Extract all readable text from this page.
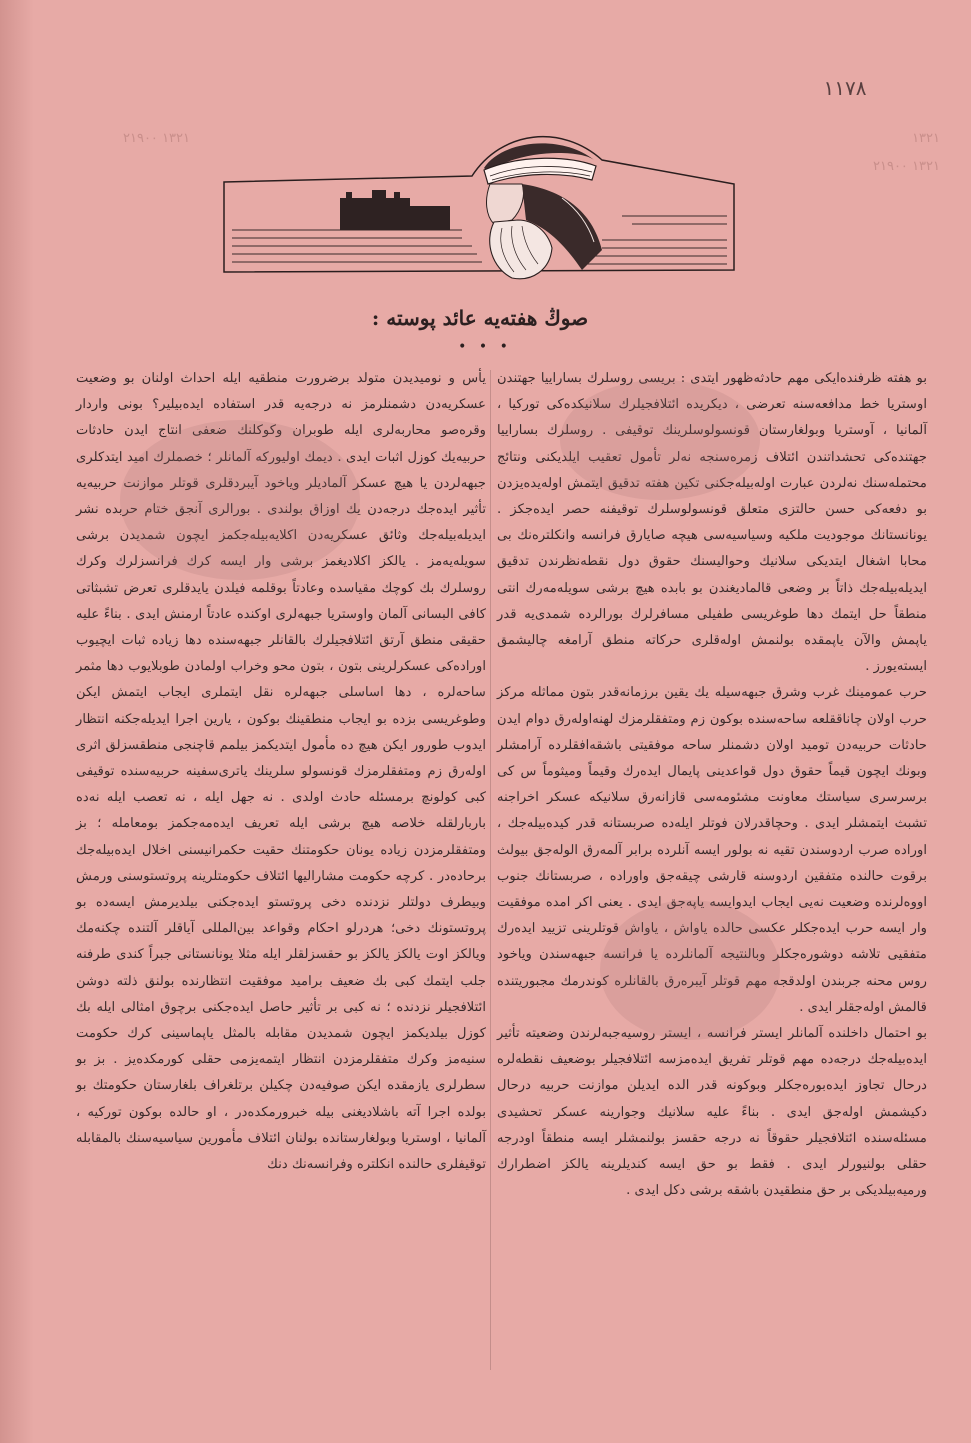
١١٧٨
١٣٢١ ٢١٩٠٠	١٣٢١
١٣٢١ ٢١٩٠٠
صوڭ هفته‌یه عائد پوسته :
• • •

بو هفته ظرفنده‌ایکی مهم حادثه‌ظهور ایتدی : بریسی روسلرك بساراییا جهتندن اوستریا خط مدافعه‌سنه تعرضی ، دیکریده ائتلافجیلرك سلانیکده‌کی تورکیا ، آلمانیا ، آوستریا وبولغارستان قونسولوسلرینك توقیفی . روسلرك بساراییا جهتنده‌كی تحشداتندن ائتلاف زمره‌سنجه نه‌لر تأمول تعقیب ایلدیکنی ونتائج محتمله‌سنك نه‌لردن عبارت اوله‌بیله‌جکنی تکین هفته تدقیق ایتمش اوله‌یده‌یزدن بو دفعه‌کی حسن حالتزی متعلق قونسولوسلرك توقیفنه حصر ایده‌جکز . یونانستانك موجودیت ملکیه وسیاسیه‌سی هیچه صایارق فرانسه وانکلتره‌نك بی محابا اشغال ایتدیکی سلانیك وحوالیسنك حقوق دول نقطه‌نظرندن تدقیق ایدیله‌بیله‌جك ذاتاً بر وضعی قالمادیغندن بو بابده هیچ برشی سویله‌مه‌رك انتی منطقاً حل ایتمك دها طوغریسی طفیلی مسافرلرك بورالرده شمدی‌یه قدر یاپمش والآن یاپمقده بولنمش اوله‌قلری حرکاته منطق آرامغه چالیشمق ایسته‌یورز .

حرب عمومینك غرب وشرق جبهه‌سیله یك یقین برزمانه‌قدر بتون مماثله مرکز حرب اولان چاناققلعه ساحه‌سنده بوکون زم ومتفقلرمزك لهنه‌اوله‌رق دوام ایدن حادثات حربیه‌دن تومید اولان دشمنلر ساحه موفقیتی باشقه‌افقلرده آرامشلر وبونك ایچون قیماً حقوق دول قواعدینی پایمال ایده‌رك وقیماً ومیثوماً س کی برسرسری سیاستك معاونت مشئومه‌سی قازانه‌رق سلانیکه عسکر اخراجنه تشبث ایتمشلر ایدی . وحچاقدرلان فوتلر ایله‌ده صربستانه قدر کیده‌بیله‌جك ، اوراده صرب اردوسندن تقیه نه بولور ایسه آنلرده برابر آلمه‌رق الوله‌جق بیولث برقوت حالنده متفقین اردوسنه قارشی چیقه‌جق واوراده ، صربستانك جنوب اووه‌لرنده وضعیت نه‌یی ایجاب ایدوایسه یاپه‌جق ایدی . یعنی اکر امده موفقیت وار ایسه حرب ایده‌جکلر عکسی حالده یاواش ، یاواش قوتلرینی تزیید ایده‌رك متفقیی تلاشه دوشوره‌جکلر وبالنتیجه آلمانلرده یا فرانسه جبهه‌سندن ویاخود روس محنه‌ جربندن اولدقجه مهم قوتلر آیبره‌رق بالقانلره کوندرمك مجبوریتنده قالمش اوله‌جقلر ایدی .

بو احتمال داخلنده آلمانلر ایستر فرانسه ، ایستر روسیه‌جبه‌لرندن وضعیته تأثیر ایده‌بیله‌جك درجه‌ده مهم قوتلر تفریق ایده‌مزسه ائتلافجیلر بوضعیف نقطه‌لره درحال تجاوز ایده‌بوره‌جکلر وبوکونه قدر الده ایدیلن موازنت حربیه درحال دکیشمش اوله‌جق ایدی . بناءً علیه سلانیك وجوارینه عسکر تحشیدی مسئله‌سنده ائتلافجیلر حقوقاً نه درجه حقسز بولنمشلر ایسه منطقاً اودرجه حقلی بولنیورلر ایدی . فقط بو حق ایسه کندیلرینه یالکز اضطرارك ورمیه‌بیلدیکی بر حق منطقیدن باشقه برشی دکل ایدی .

یأس و نومیدیدن متولد برضرورت منطقیه ایله احداث اولنان بو وضعیت عسکریه‌دن دشمنلرمز نه درجه‌یه قدر استفاده ایده‌بیلیر؟ بونی واردار وقره‌صو محاربه‌لری ایله طوبران وکوکلنك ضعفی انتاج ایدن حادثات حربیه‌یك کوزل اثبات ایدی . دیمك اولیورکه آلمانلر ؛ خصملرك امید ایتدکلری جبهه‌لردن یا هیچ عسکر آلمادیلر ویاخود آیبردقلری قوتلر موازنت حربیه‌یه تأثیر ایده‌جك درجه‌دن یك اوزاق بولندی . بورالری آنجق ختام حربده نشر ایدیله‌بیله‌جك وثائق عسکریه‌دن اکلایه‌بیله‌جکمز ایچون شمدیدن برشی سویله‌یه‌مز . یالکز اکلادیغمز برشی وار ایسه کرك فرانسزلرك وکرك روسلرك بك کوچك مقیاسده وعادتاً بوقلمه فیلدن یایدقلری تعرض تشبثاتی کافی البسانی آلمان واوستریا جبهه‌لری اوکنده عادتاً ارمنش ایدی . بناءً علیه حقیقی منطق آرتق ائتلافجیلرك بالقانلر جبهه‌سنده دها زیاده ثبات ایچیوب اوراده‌کی عسکرلرینی بتون ، بتون محو وخراب اولمادن طوبلایوب دها مثمر ساحه‌لره ، دها اساسلی جبهه‌لره نقل ایتملری ایجاب ایتمش ایکن وطوغریسی بزده بو ایجاب منطقینك بوکون ، یارین اجرا ایدیله‌جکنه انتظار ایدوب طورور ایکن هیچ ده مأمول ایتدیکمز بیلمم قاچنجی منطقسزلق اثری اوله‌رق زم ومتفقلرمزك قونسولو سلرینك یاتری‌سفینه حربیه‌سنده توقیفی کبی کولونچ برمسئله حادث اولدی . نه جهل ایله ، نه تعصب ایله نه‌ده باربارلقله خلاصه هیچ برشی ایله تعریف ایده‌مه‌جکمز بومعامله ؛ بز ومتفقلرمزدن زیاده یونان حکومتنك حقیت حکمرانیسنی اخلال ایده‌بیله‌جك برحاده‌در . کرچه حکومت مشارالیها ائتلاف حکومتلرینه پروتستوسنی ورمش وبیطرف دولتلر نزدنده دخی پروتستو ایده‌جکنی بیلدیرمش ایسه‌ده بو پروتستونك دخی؛ هردرلو احکام وقواعد بین‌المللی آیاقلر آلتنده چکنه‌مك ویالکز اوت یالکز یالکز بو حقسزلقلر ایله مثلا یونانستانی جبراً کندی طرفنه جلب ایتمك کبی بك ضعیف برامید موفقیت انتظارنده بولنق ذلته دوشن ائتلافجیلر نزدنده ؛ نه کبی بر تأثیر حاصل ایده‌جکنی برچوق امثالی ایله بك کوزل بیلدیکمز ایچون شمدیدن مقابله‌ بالمثل یاپماسینی کرك حکومت سنیه‌مز وکرك متفقلرمزدن انتظار ایتمه‌یزمی حقلی کورمکده‌یز . بز بو سطرلری یازمقده ایکن صوفیه‌دن چکیلن برتلغراف بلغارستان حکومتك بو بولده اجرا آته باشلادیغنی بیله خبرورمکده‌در ، او حالده بوکون تورکیه ، آلمانیا ، اوستریا وبولغارستانده بولنان ائتلاف مأمورین سیاسیه‌سنك بالمقابله توقیفلری حالنده انکلتره وفرانسه‌نك دنك
